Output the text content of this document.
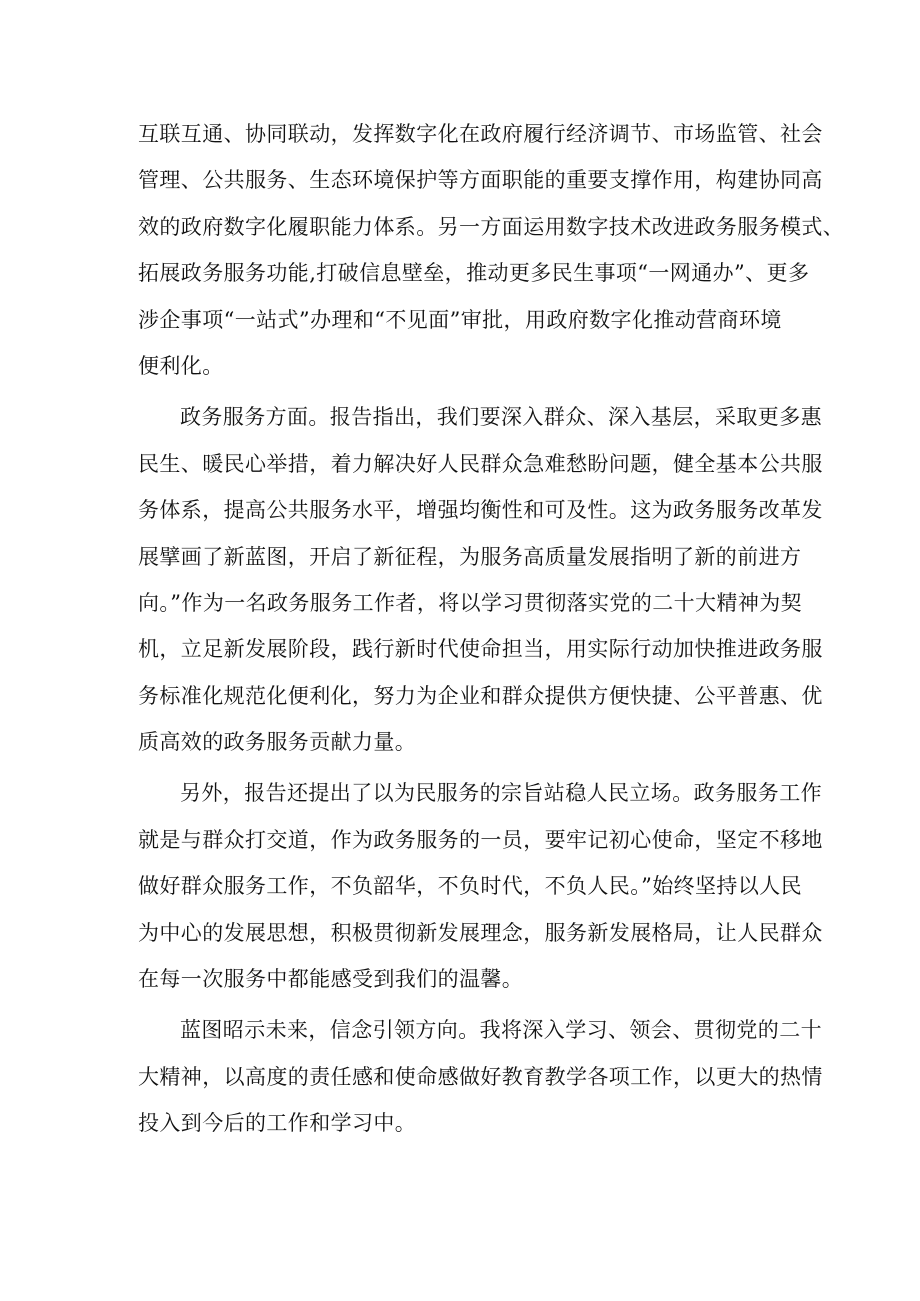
互联互通、协同联动，发挥数字化在政府履行经济调节、市场监管、社会
管理、公共服务、生态环境保护等方面职能的重要支撑作用，构建协同高
效的政府数字化履职能力体系。另一方面运用数字技术改进政务服务模式、
拓展政务服务功能,打破信息壁垒，推动更多民生事项“一网通办”、更多
涉企事项“一站式”办理和“不见面”审批，用政府数字化推动营商环境
便利化。
政务服务方面。报告指出，我们要深入群众、深入基层，采取更多惠
民生、暖民心举措，着力解决好人民群众急难愁盼问题，健全基本公共服
务体系，提高公共服务水平，增强均衡性和可及性。这为政务服务改革发
展擘画了新蓝图，开启了新征程，为服务高质量发展指明了新的前进方
向。”作为一名政务服务工作者，将以学习贯彻落实党的二十大精神为契
机，立足新发展阶段，践行新时代使命担当，用实际行动加快推进政务服
务标准化规范化便利化，努力为企业和群众提供方便快捷、公平普惠、优
质高效的政务服务贡献力量。
另外，报告还提出了以为民服务的宗旨站稳人民立场。政务服务工作
就是与群众打交道，作为政务服务的一员，要牢记初心使命，坚定不移地
做好群众服务工作，不负韶华，不负时代，不负人民。”始终坚持以人民
为中心的发展思想，积极贯彻新发展理念，服务新发展格局，让人民群众
在每一次服务中都能感受到我们的温馨。
蓝图昭示未来，信念引领方向。我将深入学习、领会、贯彻党的二十
大精神，以高度的责任感和使命感做好教育教学各项工作，以更大的热情
投入到今后的工作和学习中。
